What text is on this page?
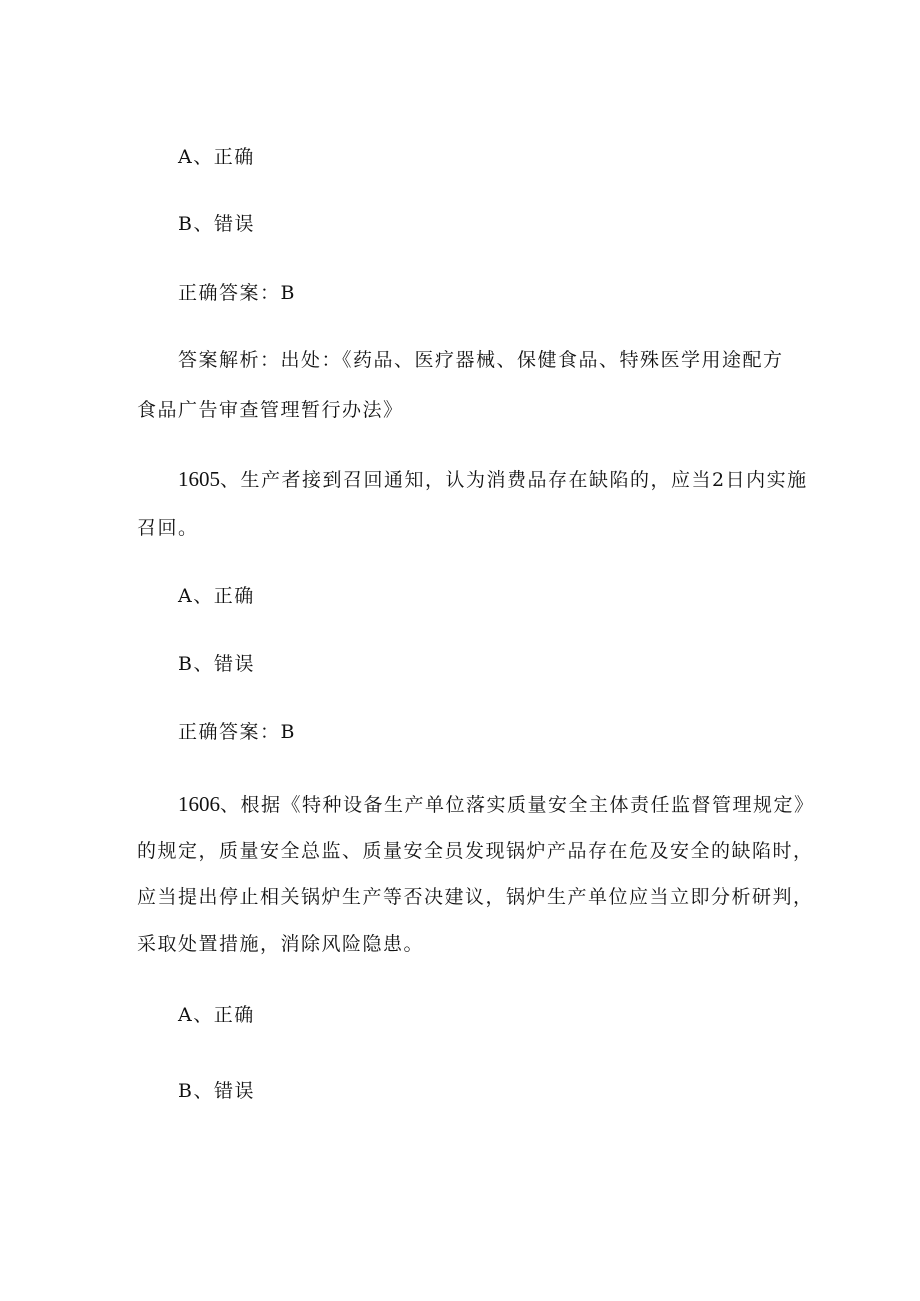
A、正确
B、错误
正确答案：B
答案解析：出处：《药品、医疗器械、保健食品、特殊医学用途配方
食品广告审查管理暂行办法》
1605、生产者接到召回通知，认为消费品存在缺陷的，应当2日内实施
召回。
A、正确
B、错误
正确答案：B
1606、根据《特种设备生产单位落实质量安全主体责任监督管理规定》
的规定，质量安全总监、质量安全员发现锅炉产品存在危及安全的缺陷时，
应当提出停止相关锅炉生产等否决建议，锅炉生产单位应当立即分析研判，
采取处置措施，消除风险隐患。
A、正确
B、错误
